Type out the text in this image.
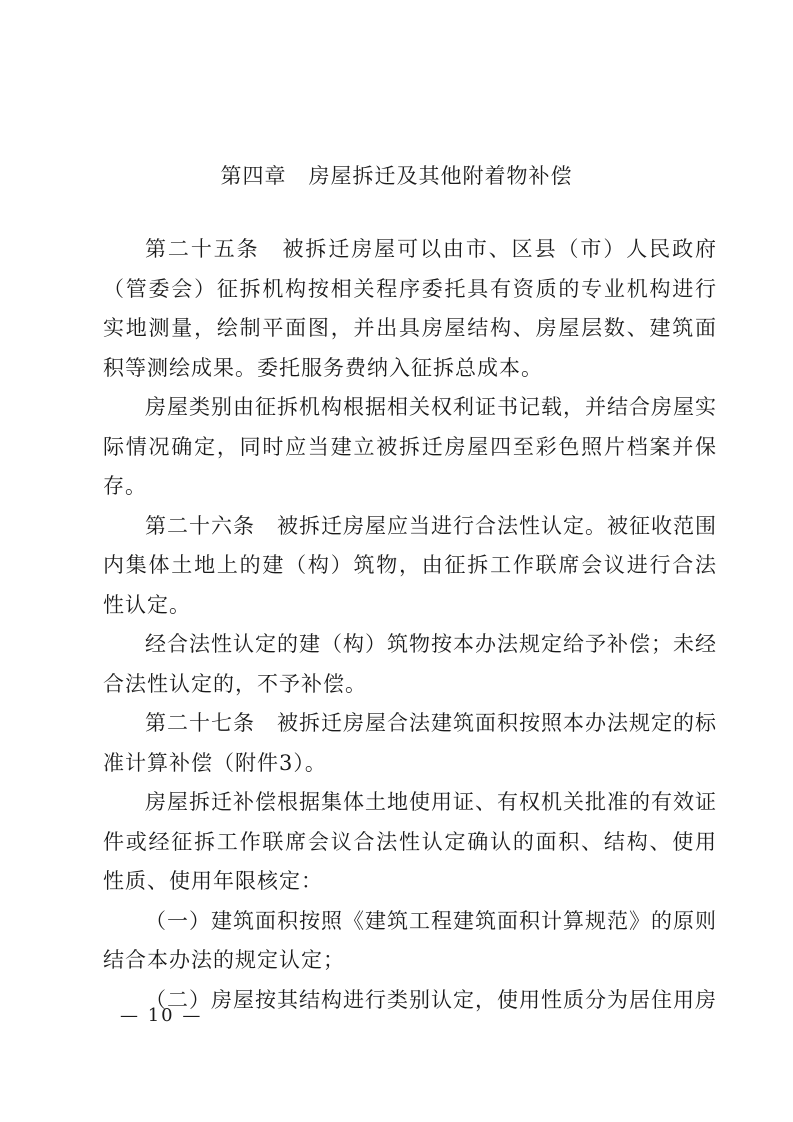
第四章　房屋拆迁及其他附着物补偿

第二十五条　被拆迁房屋可以由市、区县（市）人民政府（管委会）征拆机构按相关程序委托具有资质的专业机构进行实地测量，绘制平面图，并出具房屋结构、房屋层数、建筑面积等测绘成果。委托服务费纳入征拆总成本。

房屋类别由征拆机构根据相关权利证书记载，并结合房屋实际情况确定，同时应当建立被拆迁房屋四至彩色照片档案并保存。

第二十六条　被拆迁房屋应当进行合法性认定。被征收范围内集体土地上的建（构）筑物，由征拆工作联席会议进行合法性认定。

经合法性认定的建（构）筑物按本办法规定给予补偿；未经合法性认定的，不予补偿。

第二十七条　被拆迁房屋合法建筑面积按照本办法规定的标准计算补偿（附件3）。

房屋拆迁补偿根据集体土地使用证、有权机关批准的有效证件或经征拆工作联席会议合法性认定确认的面积、结构、使用性质、使用年限核定：

（一）建筑面积按照《建筑工程建筑面积计算规范》的原则结合本办法的规定认定；

（二）房屋按其结构进行类别认定，使用性质分为居住用房

— 10 —
